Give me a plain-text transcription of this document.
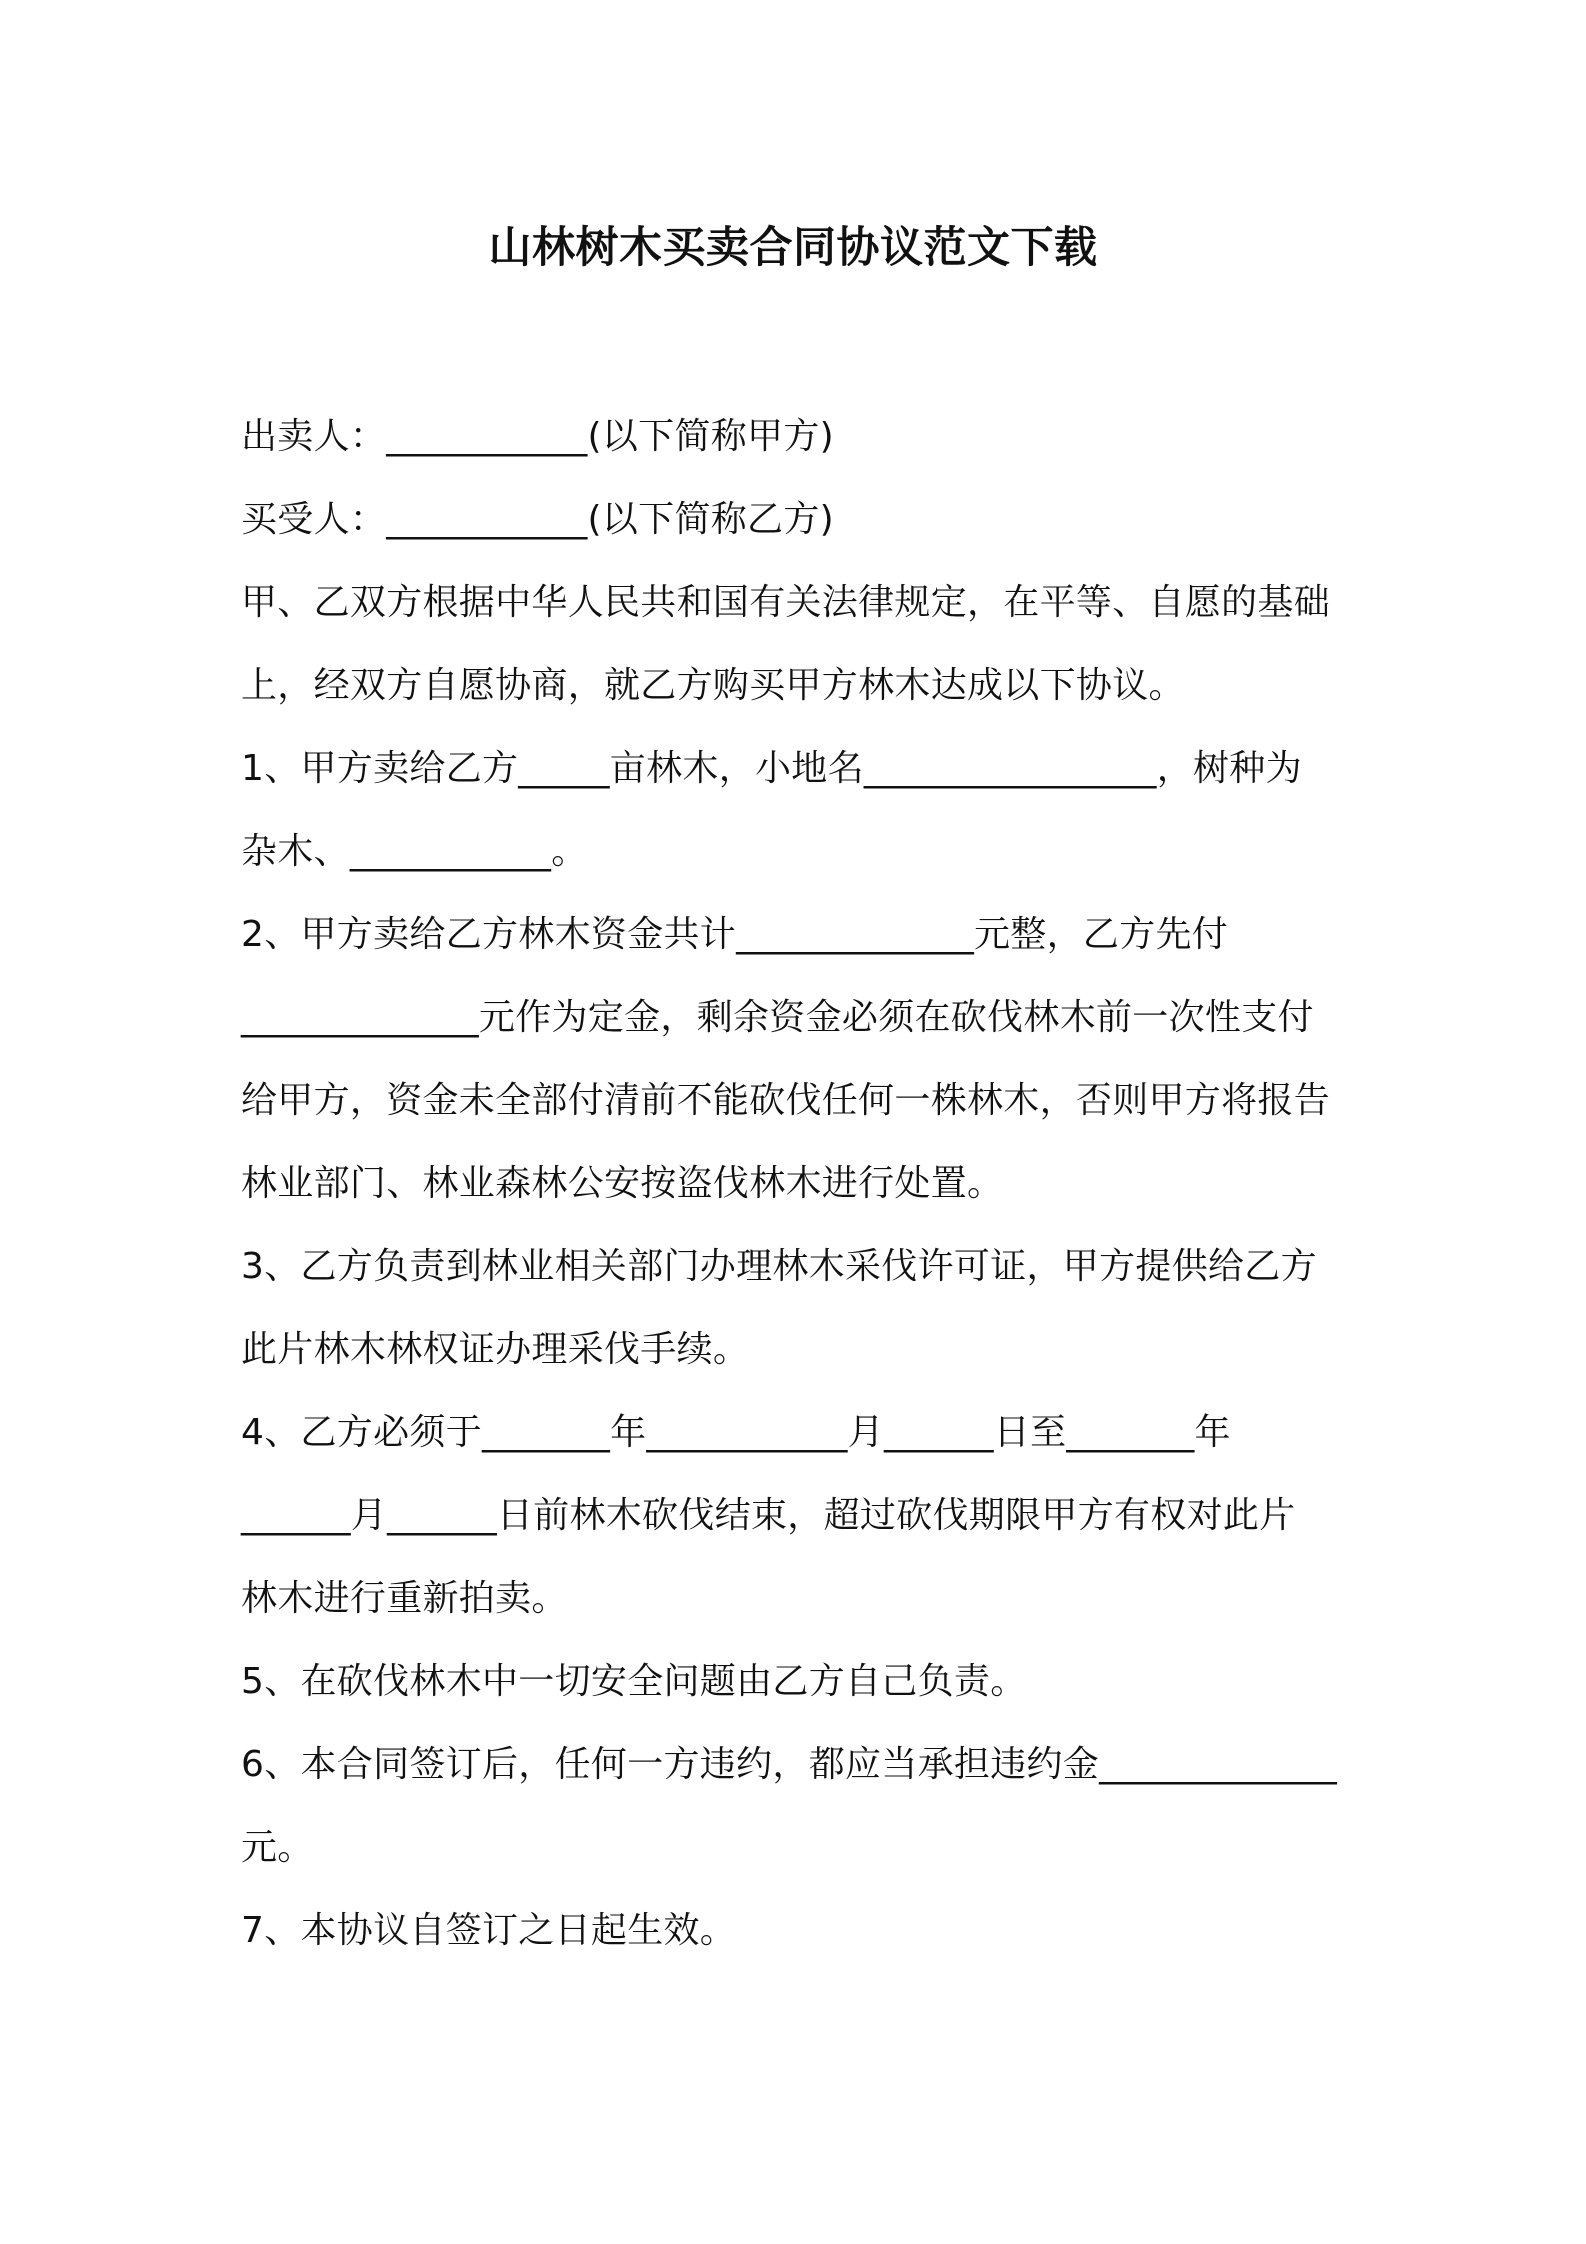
山林树木买卖合同协议范文下载
出卖人：___________(以下简称甲方)
买受人：___________(以下简称乙方)
甲、乙双方根据中华人民共和国有关法律规定，在平等、自愿的基础
上，经双方自愿协商，就乙方购买甲方林木达成以下协议。
1、甲方卖给乙方_____亩林木，小地名________________，树种为
杂木、___________。
2、甲方卖给乙方林木资金共计_____________元整，乙方先付
_____________元作为定金，剩余资金必须在砍伐林木前一次性支付
给甲方，资金未全部付清前不能砍伐任何一株林木，否则甲方将报告
林业部门、林业森林公安按盗伐林木进行处置。
3、乙方负责到林业相关部门办理林木采伐许可证，甲方提供给乙方
此片林木林权证办理采伐手续。
4、乙方必须于_______年___________月______日至_______年
______月______日前林木砍伐结束，超过砍伐期限甲方有权对此片
林木进行重新拍卖。
5、在砍伐林木中一切安全问题由乙方自己负责。
6、本合同签订后，任何一方违约，都应当承担违约金_____________
元。
7、本协议自签订之日起生效。
